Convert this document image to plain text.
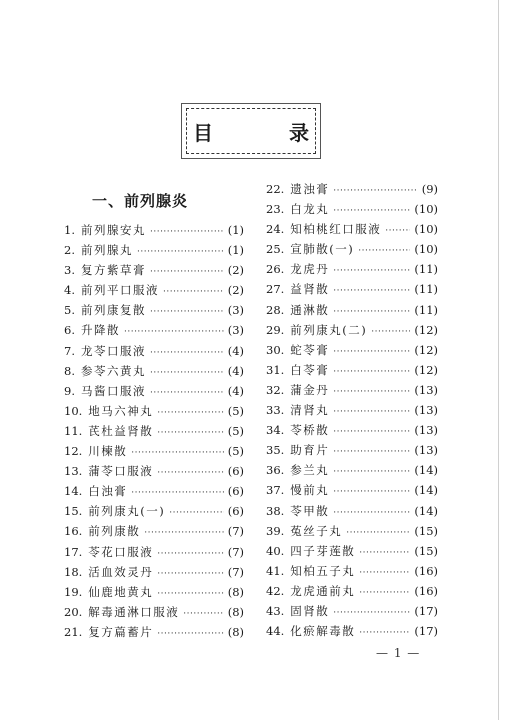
目　录
一、前列腺炎
1. 前列腺安丸 ·····	(1)
2. 前列腺丸 ·····	(1)
3. 复方紫草膏 ·····	(2)
4. 前列平口服液 ·····	(2)
5. 前列康复散 ·····	(3)
6. 升降散 ·····	(3)
7. 龙苓口服液 ·····	(4)
8. 参苓六黄丸 ·····	(4)
9. 马酱口服液 ·····	(4)
10. 地马六神丸 ·····	(5)
11. 芪杜益肾散 ·····	(5)
12. 川楝散 ·····	(5)
13. 蒲苓口服液 ·····	(6)
14. 白浊膏 ·····	(6)
15. 前列康丸(一) ·····	(6)
16. 前列康散 ·····	(7)
17. 苓花口服液 ·····	(7)
18. 活血效灵丹 ·····	(7)
19. 仙鹿地黄丸 ·····	(8)
20. 解毒通淋口服液 ·····	(8)
21. 复方萹蓄片 ·····	(8)
22. 遗浊膏 ·····	(9)
23. 白龙丸 ·····	(10)
24. 知柏桃红口服液 ·····	(10)
25. 宣肺散(一) ·····	(10)
26. 龙虎丹 ·····	(11)
27. 益肾散 ·····	(11)
28. 通淋散 ·····	(11)
29. 前列康丸(二) ·····	(12)
30. 蛇苓膏 ·····	(12)
31. 白苓膏 ·····	(12)
32. 蒲金丹 ·····	(13)
33. 清肾丸 ·····	(13)
34. 苓桥散 ·····	(13)
35. 助育片 ·····	(13)
36. 参兰丸 ·····	(14)
37. 慢前丸 ·····	(14)
38. 苓甲散 ·····	(14)
39. 菟丝子丸 ·····	(15)
40. 四子芽莲散 ·····	(15)
41. 知柏五子丸 ·····	(16)
42. 龙虎通前丸 ·····	(16)
43. 固肾散 ·····	(17)
44. 化瘀解毒散 ·····	(17)
— 1 —
